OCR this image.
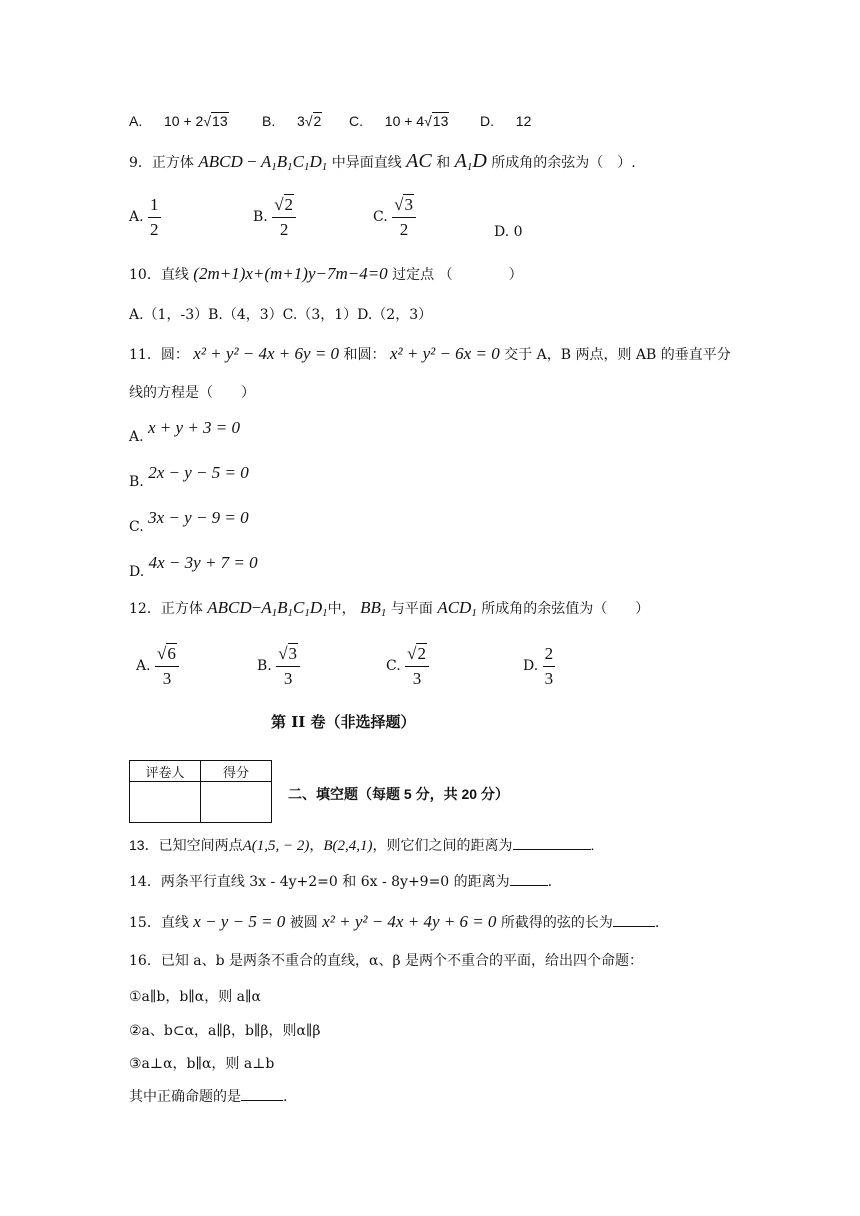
A. 10 + 2√13 B. 3√2 C. 10 + 4√13 D. 12
9．正方体 ABCD − $A_1B_1C_1D_1$ 中异面直线 AC 和 $A_1D$ 所成角的余弦为（　）.
A. $\frac{1}{2}$	B. $\frac{√2}{2}$	C. $\frac{√3}{2}$	D. 0
10．直线 (2m+1)x+(m+1)y−7m−4=0 过定点 （　　　　）
A.（1，-3）B.（4，3）C.（3，1）D.（2，3）
11．圆： x² + y² − 4x + 6y = 0 和圆： x² + y² − 6x = 0 交于 A，B 两点，则 AB 的垂直平分
线的方程是（　　）
A. x + y + 3 = 0
B. 2x − y − 5 = 0
C. 3x − y − 9 = 0
D. 4x − 3y + 7 = 0
12．正方体 $ABCD-A_1B_1C_1D_1$中， $BB_1$ 与平面 $ACD_1$ 所成角的余弦值为（　　）
A. $\frac{√6}{3}$	B. $\frac{√3}{3}$	C. $\frac{√2}{3}$	D. $\frac{2}{3}$
第 II 卷（非选择题）
评卷人	得分

二、填空题（每题 5 分，共 20 分）
13．已知空间两点A(1,5, − 2)，B(2,4,1)，则它们之间的距离为	.
14．两条平行直线 3x - 4y+2=0 和 6x - 8y+9=0 的距离为	.
15．直线 x − y − 5 = 0 被圆 x² + y² − 4x + 4y + 6 = 0 所截得的弦的长为	.
16．已知 a、b 是两条不重合的直线，α、β 是两个不重合的平面，给出四个命题：
①a∥b，b∥α，则 a∥α
②a、b⊂α，a∥β，b∥β，则α∥β
③a⊥α，b∥α，则 a⊥b
其中正确命题的是	.
